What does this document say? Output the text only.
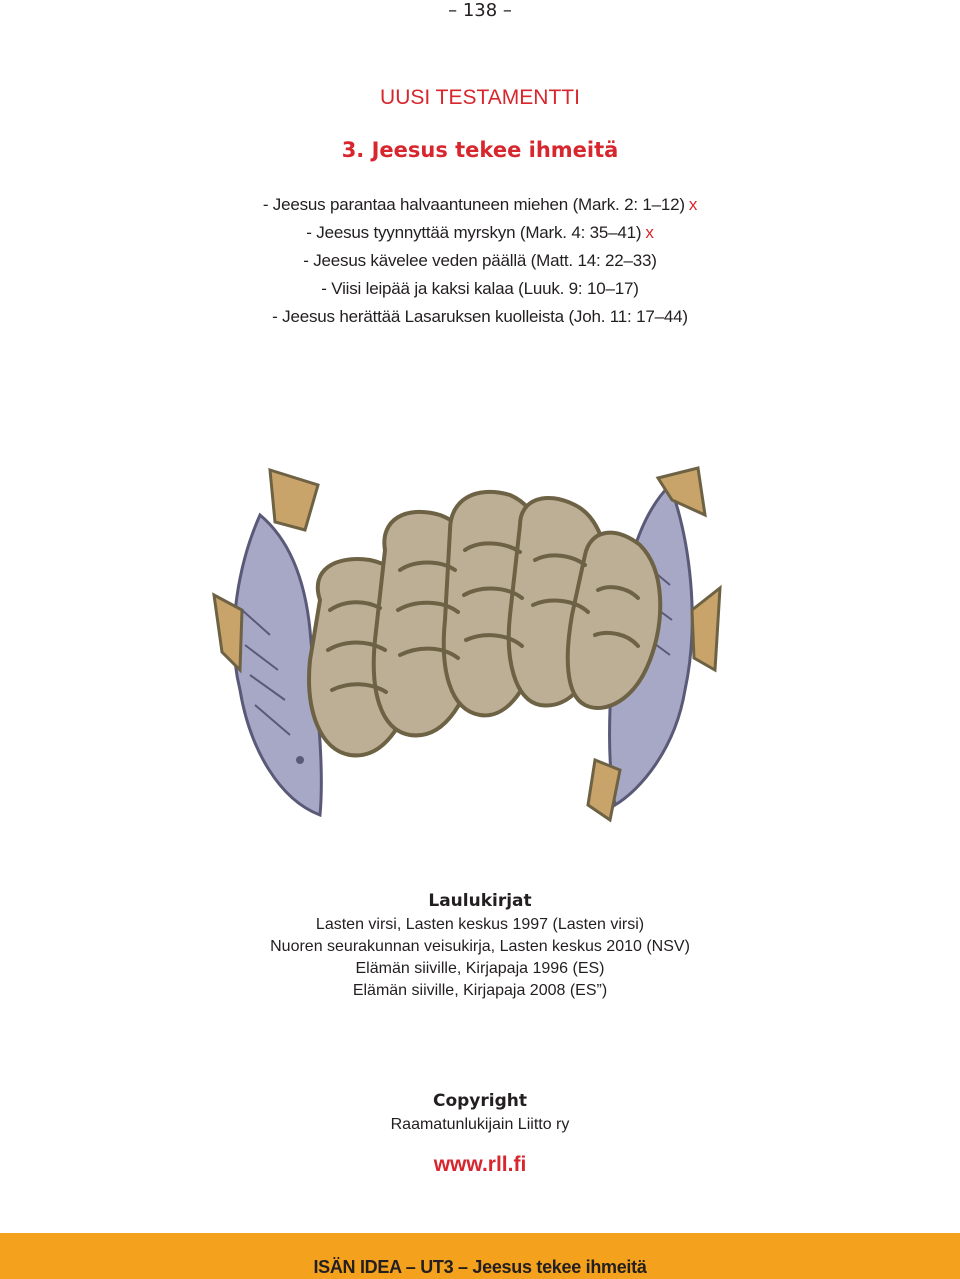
– 138 –
UUSI TESTAMENTTI
3. Jeesus tekee ihmeitä
- Jeesus parantaa halvaantuneen miehen (Mark. 2: 1–12) x
- Jeesus tyynnyttää myrskyn (Mark. 4: 35–41) x
- Jeesus kävelee veden päällä (Matt. 14: 22–33)
- Viisi leipää ja kaksi kalaa (Luuk. 9: 10–17)
- Jeesus herättää Lasaruksen kuolleista (Joh. 11: 17–44)
Laulukirjat
Lasten virsi, Lasten keskus 1997 (Lasten virsi)
Nuoren seurakunnan veisukirja, Lasten keskus 2010 (NSV)
Elämän siiville, Kirjapaja 1996 (ES)
Elämän siiville, Kirjapaja 2008 (ES”)
Copyright
Raamatunlukijain Liitto ry
www.rll.fi
ISÄN IDEA – UT3 – Jeesus tekee ihmeitä
